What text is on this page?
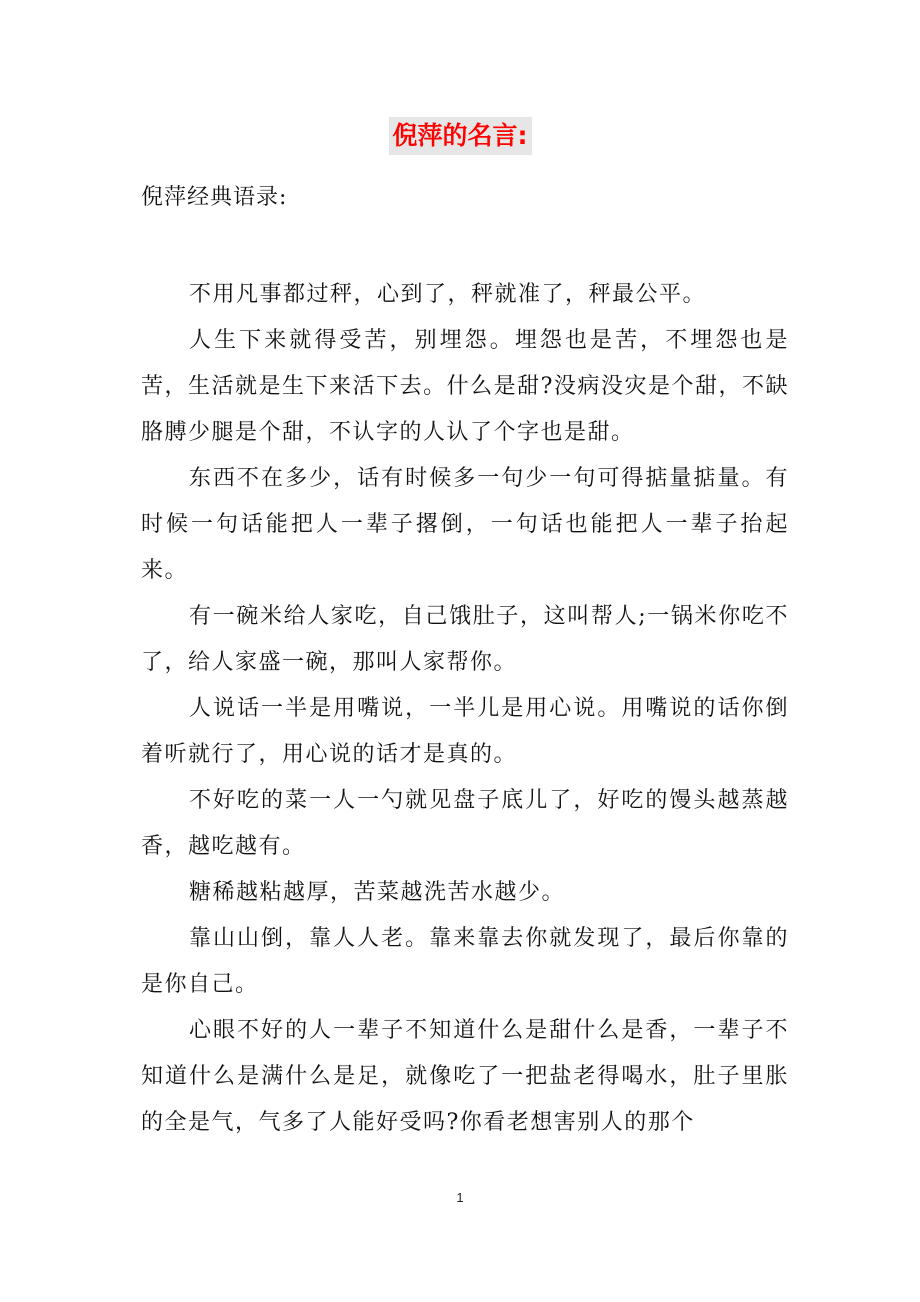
倪萍的名言:
倪萍经典语录:

不用凡事都过秤，心到了，秤就准了，秤最公平。

人生下来就得受苦，别埋怨。埋怨也是苦，不埋怨也是苦，生活就是生下来活下去。什么是甜?没病没灾是个甜，不缺胳膊少腿是个甜，不认字的人认了个字也是甜。

东西不在多少，话有时候多一句少一句可得掂量掂量。有时候一句话能把人一辈子撂倒，一句话也能把人一辈子抬起来。

有一碗米给人家吃，自己饿肚子，这叫帮人;一锅米你吃不了，给人家盛一碗，那叫人家帮你。

人说话一半是用嘴说，一半儿是用心说。用嘴说的话你倒着听就行了，用心说的话才是真的。

不好吃的菜一人一勺就见盘子底儿了，好吃的馒头越蒸越香，越吃越有。

糖稀越粘越厚，苦菜越洗苦水越少。

靠山山倒，靠人人老。靠来靠去你就发现了，最后你靠的是你自己。

心眼不好的人一辈子不知道什么是甜什么是香，一辈子不知道什么是满什么是足，就像吃了一把盐老得喝水，肚子里胀的全是气，气多了人能好受吗?你看老想害别人的那个

1
